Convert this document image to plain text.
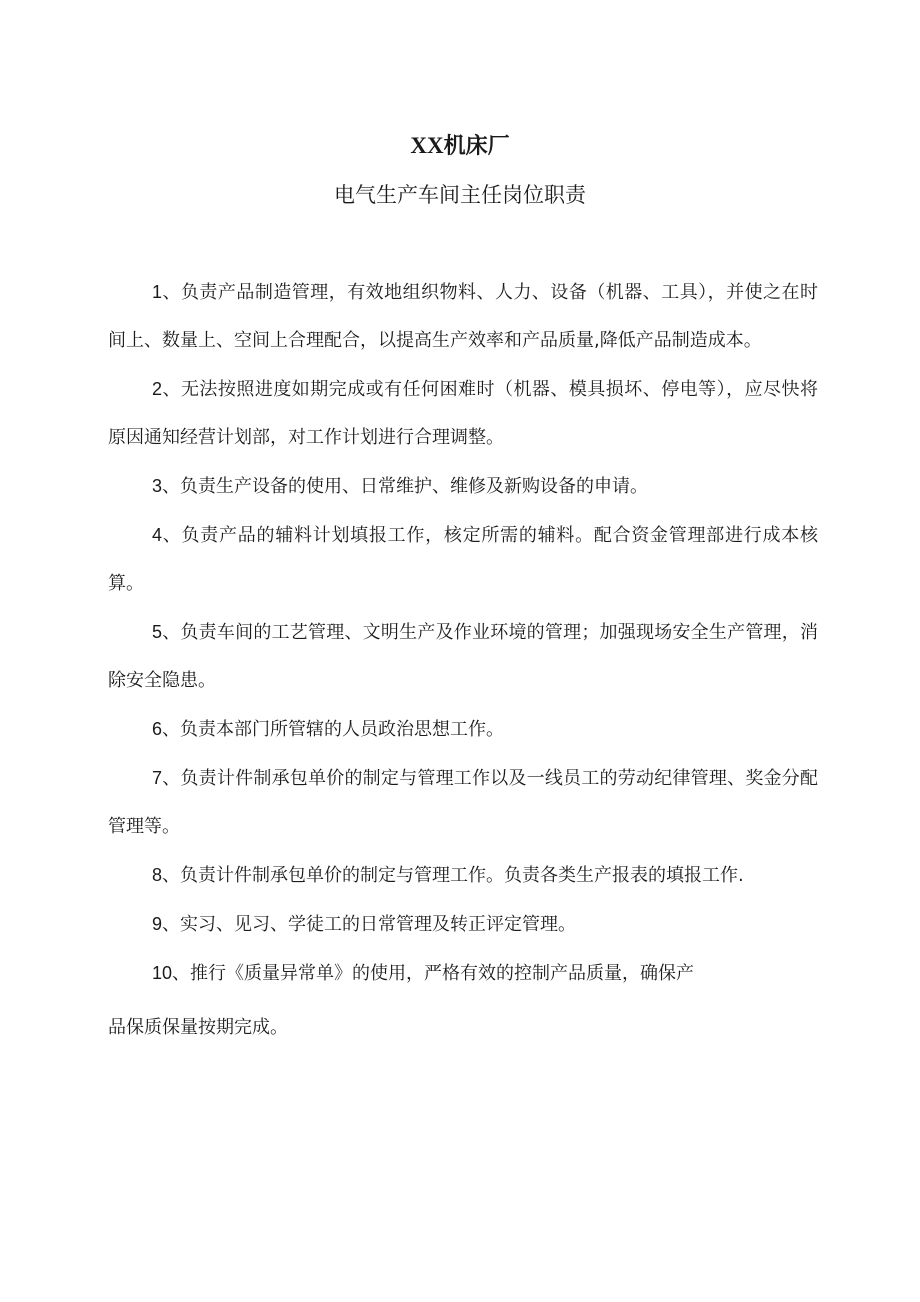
XX机床厂
电气生产车间主任岗位职责

1、负责产品制造管理，有效地组织物料、人力、设备（机器、工具），并使之在时间上、数量上、空间上合理配合，以提高生产效率和产品质量,降低产品制造成本。

2、无法按照进度如期完成或有任何困难时（机器、模具损坏、停电等），应尽快将原因通知经营计划部，对工作计划进行合理调整。

3、负责生产设备的使用、日常维护、维修及新购设备的申请。

4、负责产品的辅料计划填报工作，核定所需的辅料。配合资金管理部进行成本核算。

5、负责车间的工艺管理、文明生产及作业环境的管理；加强现场安全生产管理，消除安全隐患。

6、负责本部门所管辖的人员政治思想工作。

7、负责计件制承包单价的制定与管理工作以及一线员工的劳动纪律管理、奖金分配管理等。

8、负责计件制承包单价的制定与管理工作。负责各类生产报表的填报工作.

9、实习、见习、学徒工的日常管理及转正评定管理。

10、推行《质量异常单》的使用，严格有效的控制产品质量，确保产

品保质保量按期完成。
